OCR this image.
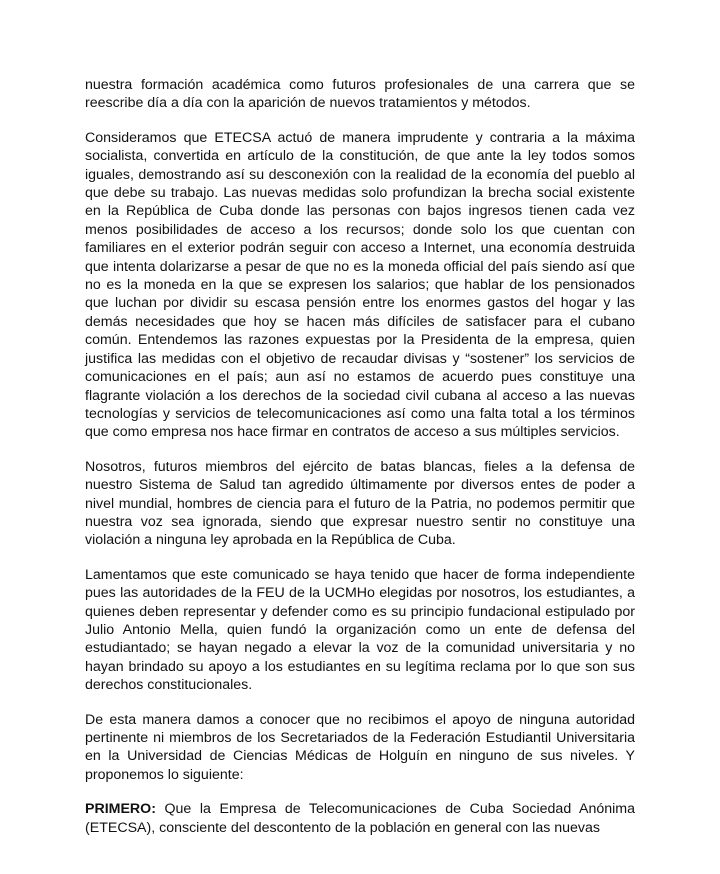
nuestra formación académica como futuros profesionales de una carrera que se reescribe día a día con la aparición de nuevos tratamientos y métodos.

Consideramos que ETECSA actuó de manera imprudente y contraria a la máxima socialista, convertida en artículo de la constitución, de que ante la ley todos somos iguales, demostrando así su desconexión con la realidad de la economía del pueblo al que debe su trabajo. Las nuevas medidas solo profundizan la brecha social existente en la República de Cuba donde las personas con bajos ingresos tienen cada vez menos posibilidades de acceso a los recursos; donde solo los que cuentan con familiares en el exterior podrán seguir con acceso a Internet, una economía destruida que intenta dolarizarse a pesar de que no es la moneda official del país siendo así que no es la moneda en la que se expresen los salarios; que hablar de los pensionados que luchan por dividir su escasa pensión entre los enormes gastos del hogar y las demás necesidades que hoy se hacen más difíciles de satisfacer para el cubano común. Entendemos las razones expuestas por la Presidenta de la empresa, quien justifica las medidas con el objetivo de recaudar divisas y “sostener” los servicios de comunicaciones en el país; aun así no estamos de acuerdo pues constituye una flagrante violación a los derechos de la sociedad civil cubana al acceso a las nuevas tecnologías y servicios de telecomunicaciones así como una falta total a los términos que como empresa nos hace firmar en contratos de acceso a sus múltiples servicios.

Nosotros, futuros miembros del ejército de batas blancas, fieles a la defensa de nuestro Sistema de Salud tan agredido últimamente por diversos entes de poder a nivel mundial, hombres de ciencia para el futuro de la Patria, no podemos permitir que nuestra voz sea ignorada, siendo que expresar nuestro sentir no constituye una violación a ninguna ley aprobada en la República de Cuba.

Lamentamos que este comunicado se haya tenido que hacer de forma independiente pues las autoridades de la FEU de la UCMHo elegidas por nosotros, los estudiantes, a quienes deben representar y defender como es su principio fundacional estipulado por Julio Antonio Mella, quien fundó la organización como un ente de defensa del estudiantado; se hayan negado a elevar la voz de la comunidad universitaria y no hayan brindado su apoyo a los estudiantes en su legítima reclama por lo que son sus derechos constitucionales.

De esta manera damos a conocer que no recibimos el apoyo de ninguna autoridad pertinente ni miembros de los Secretariados de la Federación Estudiantil Universitaria en la Universidad de Ciencias Médicas de Holguín en ninguno de sus niveles. Y proponemos lo siguiente:

PRIMERO: Que la Empresa de Telecomunicaciones de Cuba Sociedad Anónima (ETECSA), consciente del descontento de la población en general con las nuevas
